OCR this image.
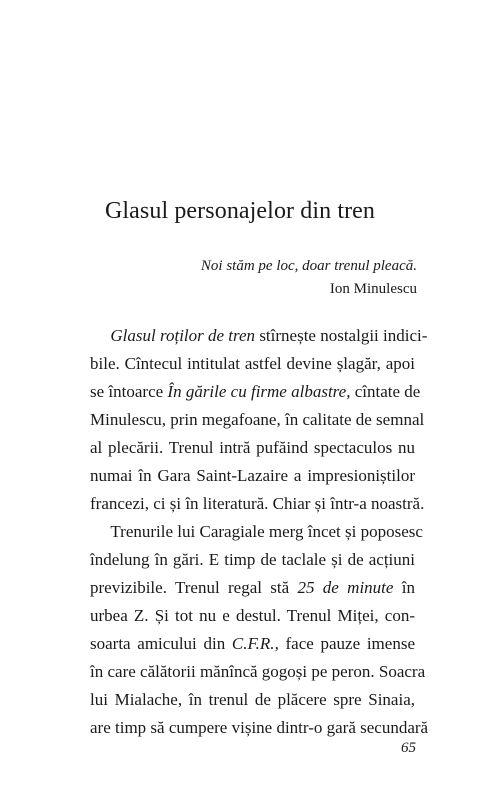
Glasul personajelor din tren
Noi stăm pe loc, doar trenul pleacă.
Ion Minulescu
Glasul roților de tren stîrnește nostalgii indici-
bile. Cîntecul intitulat astfel devine șlagăr, apoi
se întoarce În gările cu firme albastre, cîntate de
Minulescu, prin megafoane, în calitate de semnal
al plecării. Trenul intră pufăind spectaculos nu
numai în Gara Saint-Lazaire a impresioniștilor
francezi, ci și în literatură. Chiar și într-a noastră.
Trenurile lui Caragiale merg încet și poposesc
îndelung în gări. E timp de taclale și de acțiuni
previzibile. Trenul regal stă 25 de minute în
urbea Z. Și tot nu e destul. Trenul Miței, con-
soarta amicului din C.F.R., face pauze imense
în care călătorii mănîncă gogoși pe peron. Soacra
lui Mialache, în trenul de plăcere spre Sinaia,
are timp să cumpere vișine dintr-o gară secundară
65
